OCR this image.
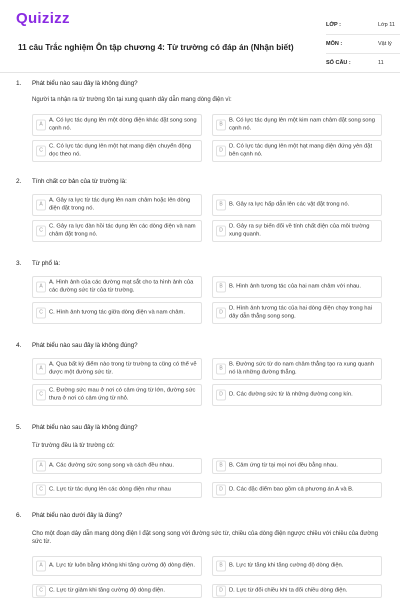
Quizizz
11 câu Trắc nghiệm Ôn tập chương 4: Từ trường có đáp án (Nhận biết)
LỚP :	Lớp 11
MÔN :	Vật lý
SỐ CÂU :	11
1. Phát biểu nào sau đây là không đúng?
Người ta nhận ra từ trường tồn tại xung quanh dây dẫn mang dòng điện vì:
A
A. Có lực tác dụng lên một dòng điện khác đặt song song cạnh nó.
B
B. Có lực tác dụng lên một kim nam châm đặt song song cạnh nó.
C
C. Có lực tác dụng lên một hạt mang điện chuyển động dọc theo nó.
D
D. Có lực tác dụng lên một hạt mang điện đứng yên đặt bên cạnh nó.
2. Tính chất cơ bản của từ trường là:
A
A. Gây ra lực từ tác dụng lên nam châm hoặc lên dòng điện đặt trong nó.
B	B. Gây ra lực hấp dẫn lên các vật đặt trong nó.
C
C. Gây ra lực đàn hồi tác dụng lên các dòng điện và nam châm đặt trong nó.
D
D. Gây ra sự biến đổi về tính chất điện của môi trường xung quanh.
3. Từ phổ là:
A
A. Hình ảnh của các đường mạt sắt cho ta hình ảnh của các đường sức từ của từ trường.
B	B. Hình ảnh tương tác của hai nam châm với nhau.
C	C. Hình ảnh tương tác giữa dòng điện và nam châm.	D
D. Hình ảnh tương tác của hai dòng điện chạy trong hai dây dẫn thẳng song song.
4. Phát biểu nào sau đây là không đúng?
A
A. Qua bất kỳ điểm nào trong từ trường ta cũng có thể vẽ được một đường sức từ.
B
B. Đường sức từ do nam châm thẳng tạo ra xung quanh nó là những đường thẳng.
C
C. Đường sức mau ở nơi có cảm ứng từ lớn, đường sức thưa ở nơi có cảm ứng từ nhỏ.
D	D. Các đường sức từ là những đường cong kín.
5. Phát biểu nào sau đây là không đúng?
Từ trường đều là từ trường có:
A	A. Các đường sức song song và cách đều nhau.	B	B. Cảm ứng từ tại mọi nơi đều bằng nhau.
C	C. Lực từ tác dụng lên các dòng điện như nhau	D	D. Các đặc điểm bao gồm cả phương án A và B.
6. Phát biểu nào dưới đây là đúng?
Cho một đoạn dây dẫn mang dòng điện I đặt song song với đường sức từ, chiều của dòng điện ngược chiều với chiều của đường sức từ.
A	A. Lực từ luôn bằng không khi tăng cường độ dòng điện.	B	B. Lực từ tăng khi tăng cường độ dòng điện.
C	C. Lực từ giảm khi tăng cường độ dòng điện.	D	D. Lực từ đổi chiều khi ta đổi chiều dòng điện.
